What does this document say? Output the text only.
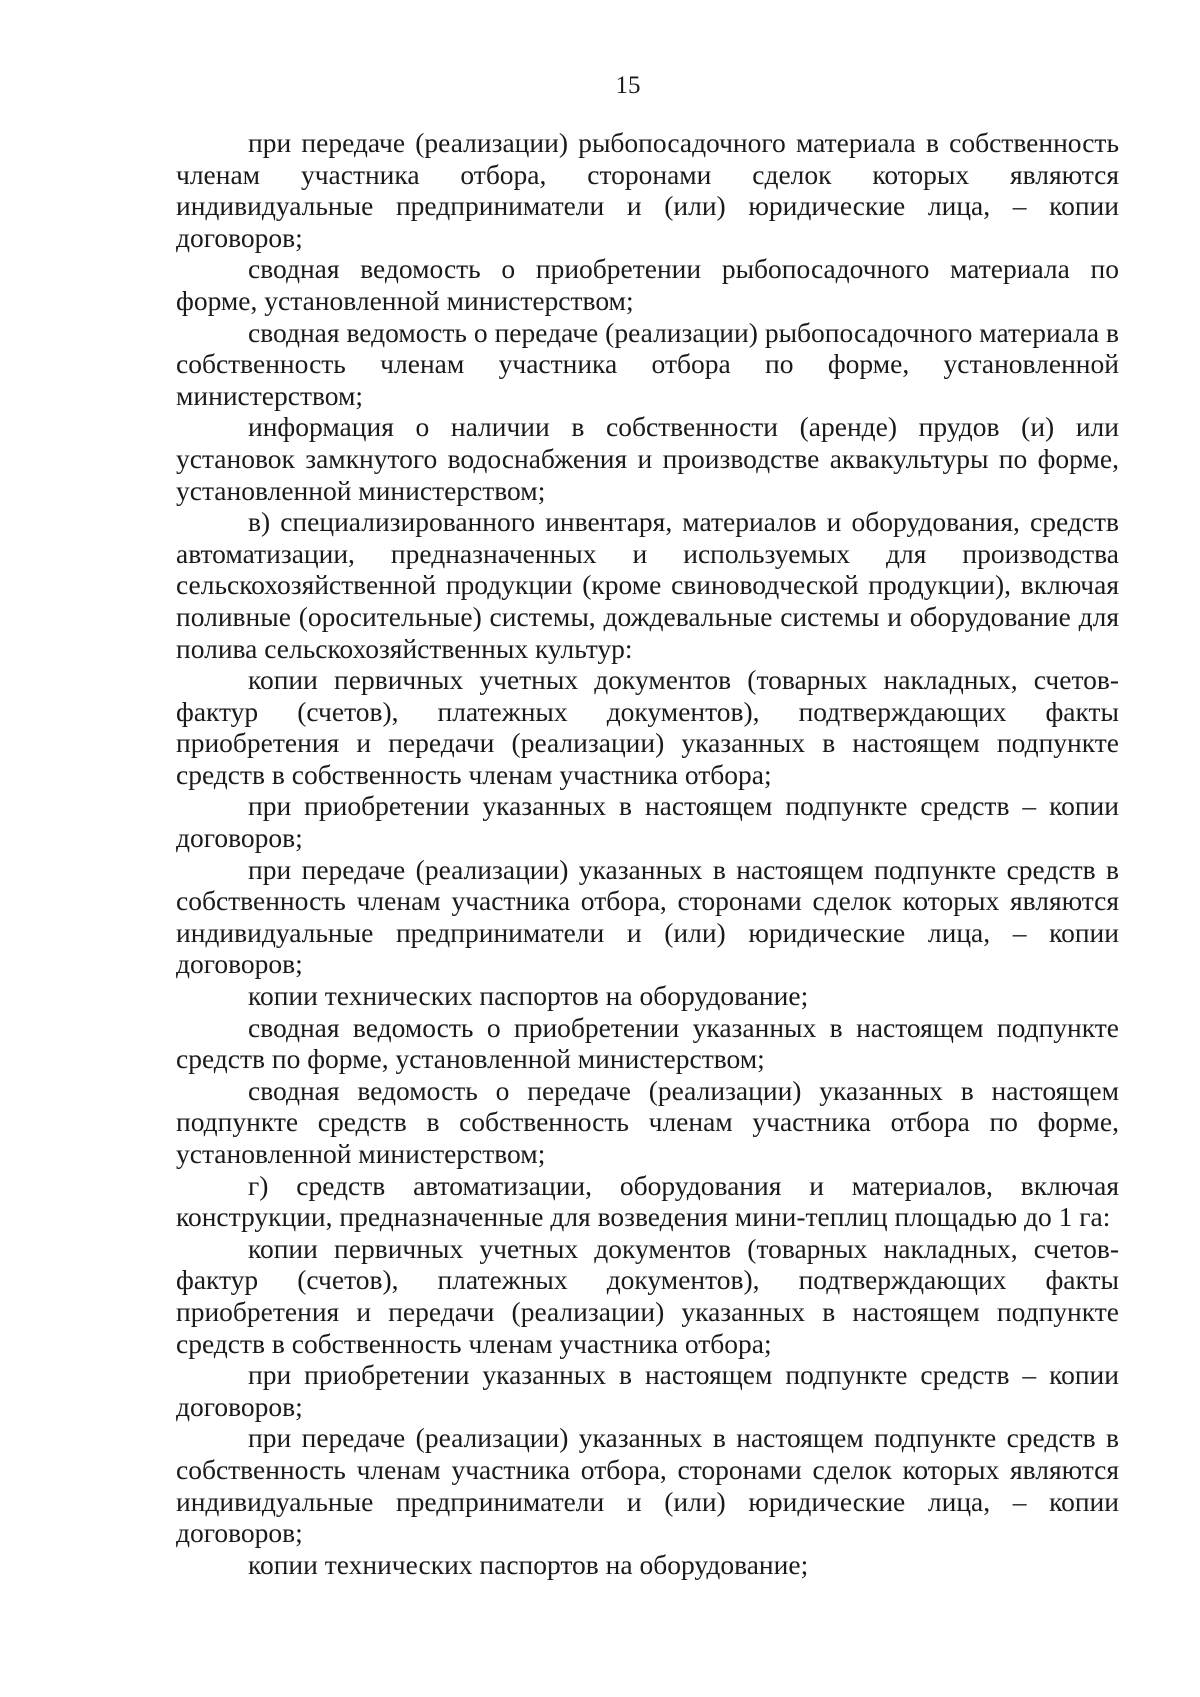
15

при передаче (реализации) рыбопосадочного материала в собственность членам участника отбора, сторонами сделок которых являются индивидуальные предприниматели и (или) юридические лица, – копии договоров;

сводная ведомость о приобретении рыбопосадочного материала по форме, установленной министерством;

сводная ведомость о передаче (реализации) рыбопосадочного материала в собственность членам участника отбора по форме, установленной министерством;

информация о наличии в собственности (аренде) прудов (и) или установок замкнутого водоснабжения и производстве аквакультуры по форме, установленной министерством;

в) специализированного инвентаря, материалов и оборудования, средств автоматизации, предназначенных и используемых для производства сельскохозяйственной продукции (кроме свиноводческой продукции), включая поливные (оросительные) системы, дождевальные системы и оборудование для полива сельскохозяйственных культур:

копии первичных учетных документов (товарных накладных, счетов-фактур (счетов), платежных документов), подтверждающих факты приобретения и передачи (реализации) указанных в настоящем подпункте средств в собственность членам участника отбора;

при приобретении указанных в настоящем подпункте средств – копии договоров;

при передаче (реализации) указанных в настоящем подпункте средств в собственность членам участника отбора, сторонами сделок которых являются индивидуальные предприниматели и (или) юридические лица, – копии договоров;

копии технических паспортов на оборудование;

сводная ведомость о приобретении указанных в настоящем подпункте средств по форме, установленной министерством;

сводная ведомость о передаче (реализации) указанных в настоящем подпункте средств в собственность членам участника отбора по форме, установленной министерством;

г) средств автоматизации, оборудования и материалов, включая конструкции, предназначенные для возведения мини-теплиц площадью до 1 га:

копии первичных учетных документов (товарных накладных, счетов-фактур (счетов), платежных документов), подтверждающих факты приобретения и передачи (реализации) указанных в настоящем подпункте средств в собственность членам участника отбора;

при приобретении указанных в настоящем подпункте средств – копии договоров;

при передаче (реализации) указанных в настоящем подпункте средств в собственность членам участника отбора, сторонами сделок которых являются индивидуальные предприниматели и (или) юридические лица, – копии договоров;

копии технических паспортов на оборудование;
